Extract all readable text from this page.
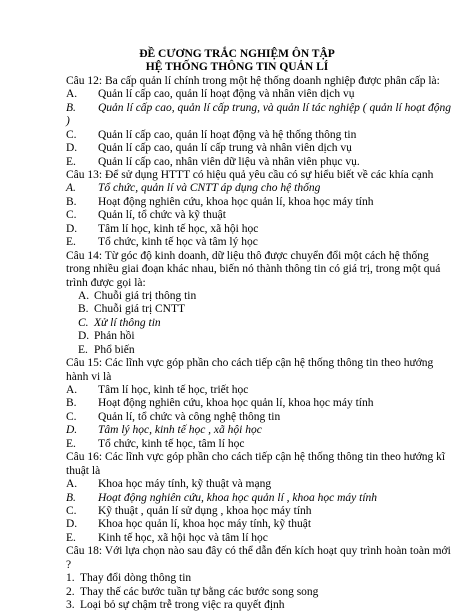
ĐỀ CƯƠNG TRẮC NGHIỆM ÔN TẬP
HỆ THỐNG THÔNG TIN QUẢN LÍ
Câu 12: Ba cấp quản lí chính trong một hệ thống doanh nghiệp được phân cấp là:
A. Quản lí cấp cao, quản lí hoạt động và nhân viên dịch vụ
B. Quản lí cấp cao, quản lí cấp trung, và quản lí tác nghiệp ( quản lí hoạt động
)
C. Quản lí cấp cao, quản lí hoạt động và hệ thống thông tin
D. Quản lí cấp cao, quản lí cấp trung và nhân viên dịch vụ
E. Quản lí cấp cao, nhân viên dữ liệu và nhân viên phục vụ.
Câu 13: Để sử dụng HTTT có hiệu quả yêu cầu có sự hiểu biết về các khía cạnh
A. Tổ chức, quản lí và CNTT áp dụng cho hệ thống
B. Hoạt động nghiên cứu, khoa học quản lí, khoa học máy tính
C. Quản lí, tổ chức và kỹ thuật
D. Tâm lí học, kinh tế học, xã hội học
E. Tổ chức, kinh tế học và tâm lý học
Câu 14: Từ góc độ kinh doanh, dữ liệu thô được chuyển đổi một cách hệ thống
trong nhiều giai đoạn khác nhau, biến nó thành thông tin có giá trị, trong một quá
trình được gọi là:
A. Chuỗi giá trị thông tin
B. Chuỗi giá trị CNTT
C. Xử lí thông tin
D. Phản hồi
E. Phổ biến
Câu 15: Các lĩnh vực góp phần cho cách tiếp cận hệ thống thông tin theo hướng
hành vi là
A. Tâm lí học, kinh tế học, triết học
B. Hoạt động nghiên cứu, khoa học quản lí, khoa học máy tính
C. Quản lí, tổ chức và công nghệ thông tin
D. Tâm lý học, kinh tế học , xã hội học
E. Tổ chức, kinh tế học, tâm lí học
Câu 16: Các lĩnh vực góp phần cho cách tiếp cận hệ thống thông tin theo hướng kĩ
thuật là
A. Khoa học máy tính, kỹ thuật và mạng
B. Hoạt động nghiên cứu, khoa học quản lí , khoa học máy tính
C. Kỹ thuật , quản lí sử dụng , khoa học máy tính
D. Khoa học quản lí, khoa học máy tính, kỹ thuật
E. Kinh tế học, xã hội học và tâm lí học
Câu 18: Với lựa chọn nào sau đây có thể dẫn đến kích hoạt quy trình hoàn toàn mới
?
1. Thay đổi dòng thông tin
2. Thay thế các bước tuần tự bằng các bước song song
3. Loại bỏ sự chậm trễ trong việc ra quyết định
